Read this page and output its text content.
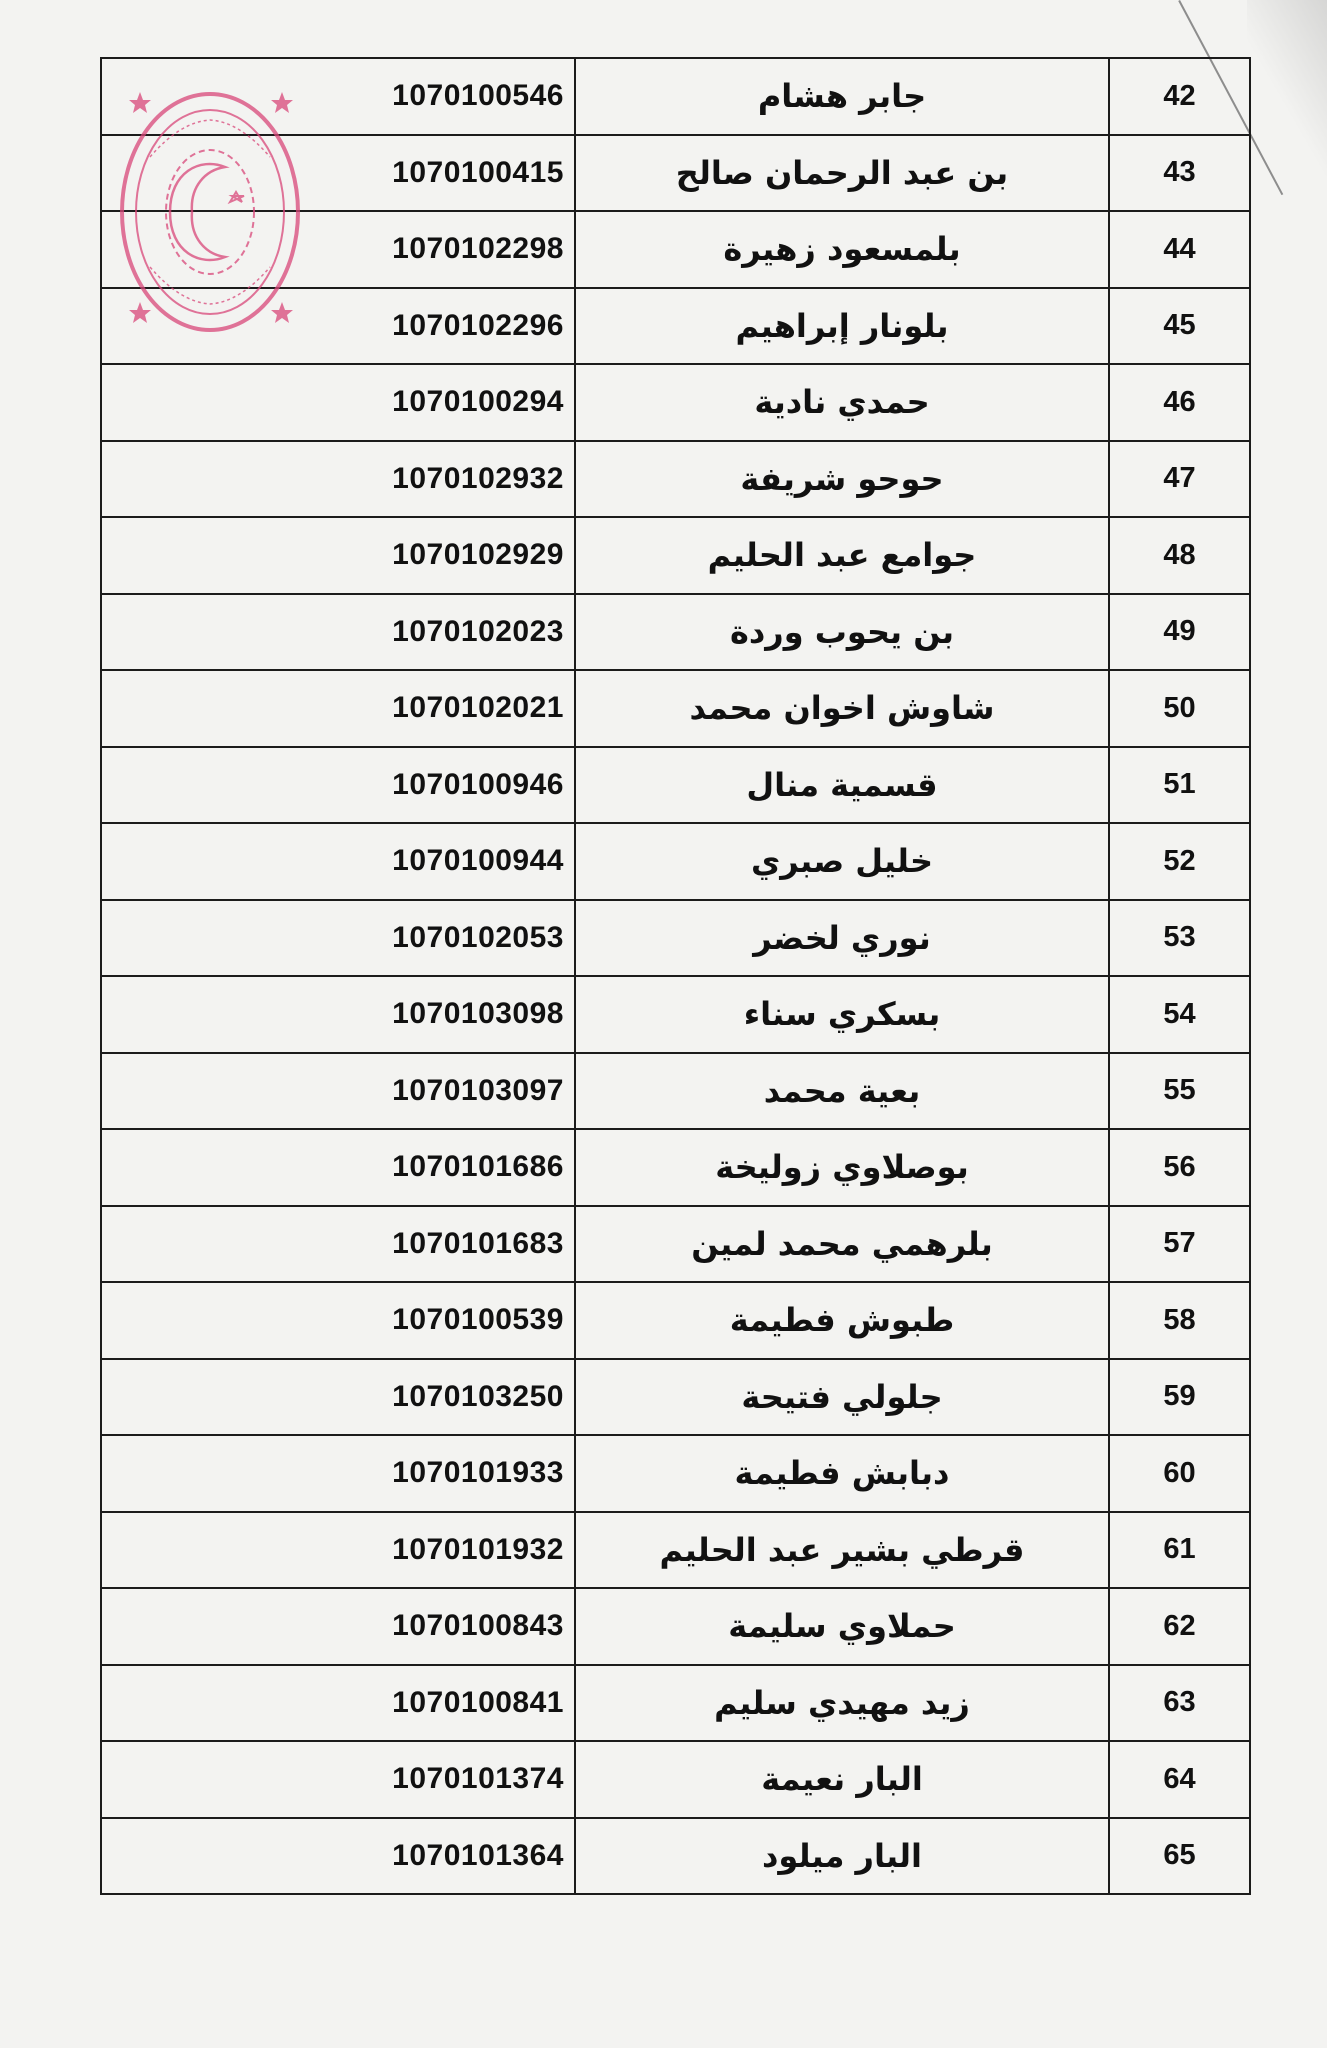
1070100546	جابر هشام	42
1070100415	بن عبد الرحمان صالح	43
1070102298	بلمسعود زهيرة	44
1070102296	بلونار إبراهيم	45
1070100294	حمدي نادية	46
1070102932	حوحو شريفة	47
1070102929	جوامع عبد الحليم	48
1070102023	بن يحوب وردة	49
1070102021	شاوش اخوان محمد	50
1070100946	قسمية منال	51
1070100944	خليل صبري	52
1070102053	نوري لخضر	53
1070103098	بسكري سناء	54
1070103097	بعية محمد	55
1070101686	بوصلاوي زوليخة	56
1070101683	بلرهمي محمد لمين	57
1070100539	طبوش فطيمة	58
1070103250	جلولي فتيحة	59
1070101933	دبابش فطيمة	60
1070101932	قرطي بشير عبد الحليم	61
1070100843	حملاوي سليمة	62
1070100841	زيد مهيدي سليم	63
1070101374	البار نعيمة	64
1070101364	البار ميلود	65
